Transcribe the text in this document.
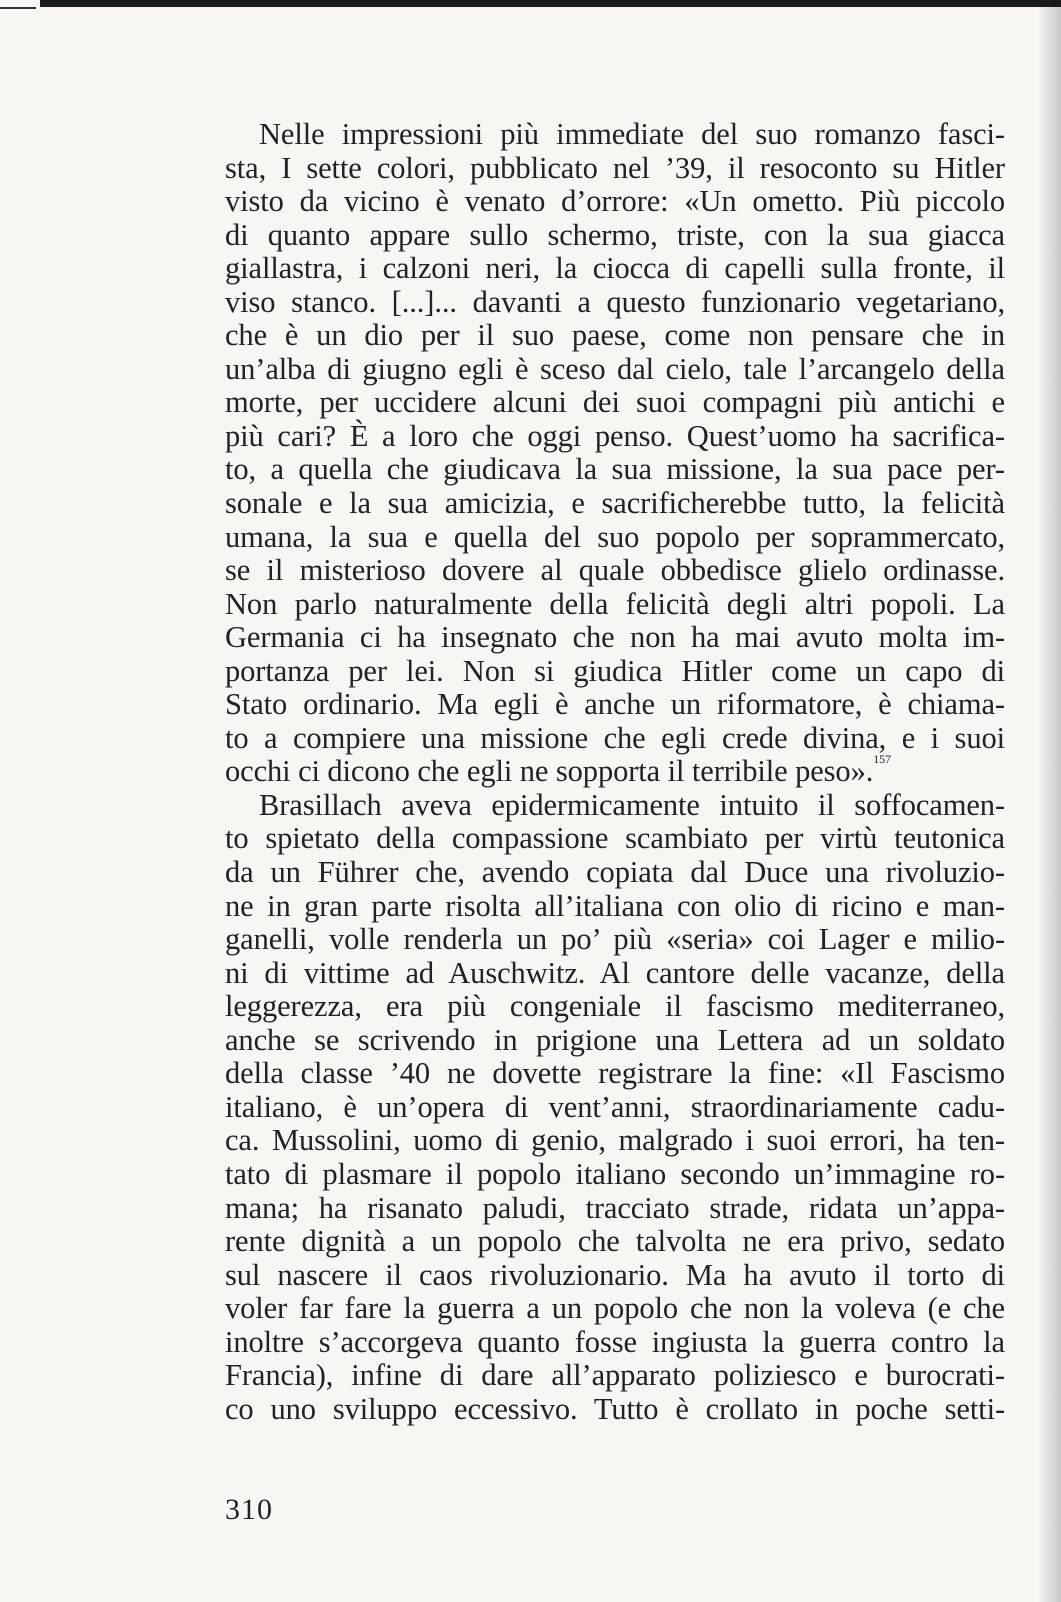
Nelle impressioni più immediate del suo romanzo fasci-
sta, I sette colori, pubblicato nel ’39, il resoconto su Hitler
visto da vicino è venato d’orrore: «Un ometto. Più piccolo
di quanto appare sullo schermo, triste, con la sua giacca
giallastra, i calzoni neri, la ciocca di capelli sulla fronte, il
viso stanco. [...]... davanti a questo funzionario vegetariano,
che è un dio per il suo paese, come non pensare che in
un’alba di giugno egli è sceso dal cielo, tale l’arcangelo della
morte, per uccidere alcuni dei suoi compagni più antichi e
più cari? È a loro che oggi penso. Quest’uomo ha sacrifica-
to, a quella che giudicava la sua missione, la sua pace per-
sonale e la sua amicizia, e sacrificherebbe tutto, la felicità
umana, la sua e quella del suo popolo per soprammercato,
se il misterioso dovere al quale obbedisce glielo ordinasse.
Non parlo naturalmente della felicità degli altri popoli. La
Germania ci ha insegnato che non ha mai avuto molta im-
portanza per lei. Non si giudica Hitler come un capo di
Stato ordinario. Ma egli è anche un riformatore, è chiama-
to a compiere una missione che egli crede divina, e i suoi
occhi ci dicono che egli ne sopporta il terribile peso».$^{157}$
Brasillach aveva epidermicamente intuito il soffocamen-
to spietato della compassione scambiato per virtù teutonica
da un Führer che, avendo copiata dal Duce una rivoluzio-
ne in gran parte risolta all’italiana con olio di ricino e man-
ganelli, volle renderla un po’ più «seria» coi Lager e milio-
ni di vittime ad Auschwitz. Al cantore delle vacanze, della
leggerezza, era più congeniale il fascismo mediterraneo,
anche se scrivendo in prigione una Lettera ad un soldato
della classe ’40 ne dovette registrare la fine: «Il Fascismo
italiano, è un’opera di vent’anni, straordinariamente cadu-
ca. Mussolini, uomo di genio, malgrado i suoi errori, ha ten-
tato di plasmare il popolo italiano secondo un’immagine ro-
mana; ha risanato paludi, tracciato strade, ridata un’appa-
rente dignità a un popolo che talvolta ne era privo, sedato
sul nascere il caos rivoluzionario. Ma ha avuto il torto di
voler far fare la guerra a un popolo che non la voleva (e che
inoltre s’accorgeva quanto fosse ingiusta la guerra contro la
Francia), infine di dare all’apparato poliziesco e burocrati-
co uno sviluppo eccessivo. Tutto è crollato in poche setti-
310
